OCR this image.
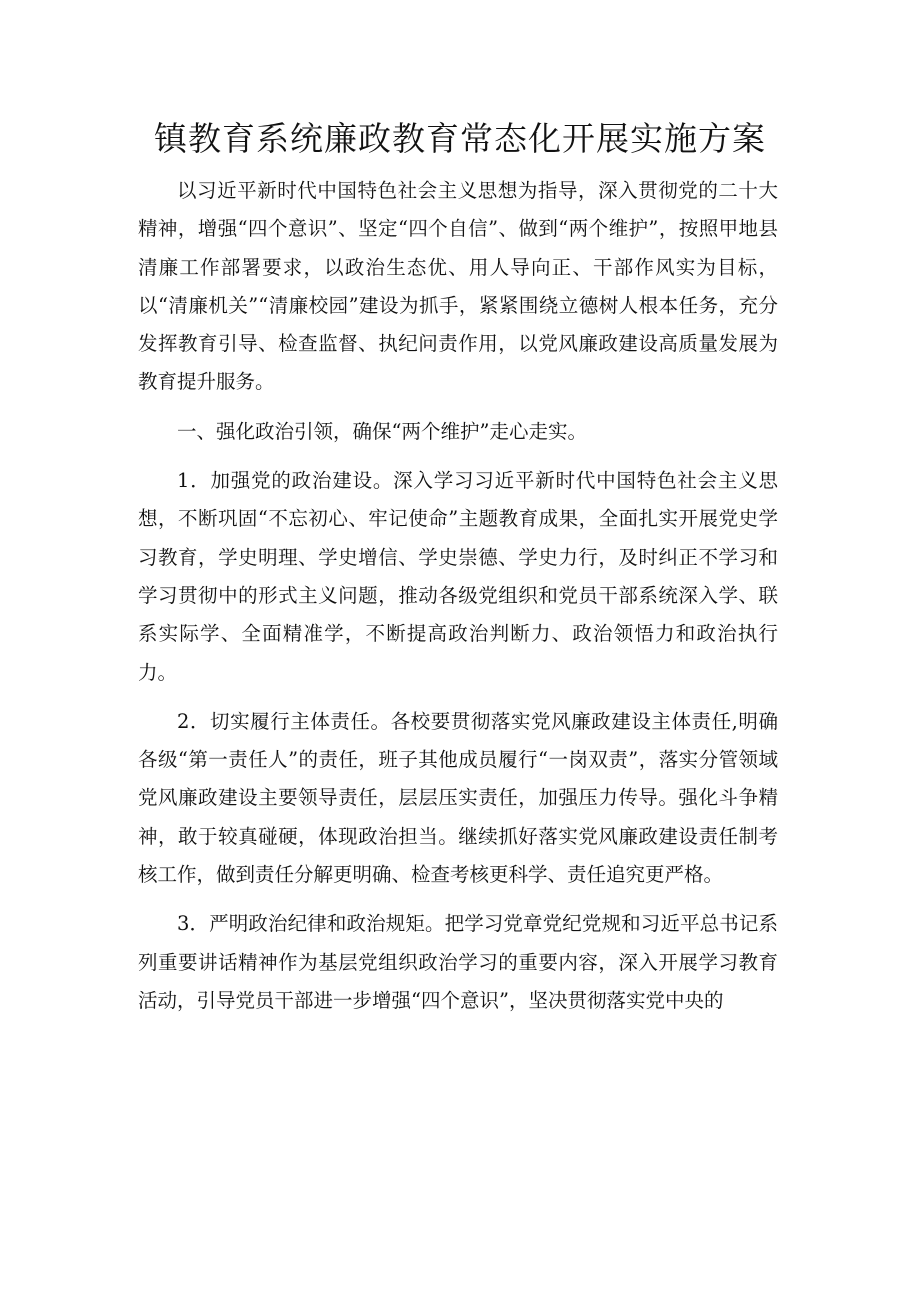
镇教育系统廉政教育常态化开展实施方案

以习近平新时代中国特色社会主义思想为指导，深入贯彻党的二十大精神，增强“四个意识”、坚定“四个自信”、做到“两个维护”，按照甲地县清廉工作部署要求，以政治生态优、用人导向正、干部作风实为目标，以“清廉机关”“清廉校园”建设为抓手，紧紧围绕立德树人根本任务，充分发挥教育引导、检查监督、执纪问责作用，以党风廉政建设高质量发展为教育提升服务。

一、强化政治引领，确保“两个维护”走心走实。

1．加强党的政治建设。深入学习习近平新时代中国特色社会主义思想，不断巩固“不忘初心、牢记使命”主题教育成果，全面扎实开展党史学习教育，学史明理、学史增信、学史崇德、学史力行，及时纠正不学习和学习贯彻中的形式主义问题，推动各级党组织和党员干部系统深入学、联系实际学、全面精准学，不断提高政治判断力、政治领悟力和政治执行力。

2．切实履行主体责任。各校要贯彻落实党风廉政建设主体责任,明确各级“第一责任人”的责任，班子其他成员履行“一岗双责”，落实分管领域党风廉政建设主要领导责任，层层压实责任，加强压力传导。强化斗争精神，敢于较真碰硬，体现政治担当。继续抓好落实党风廉政建设责任制考核工作，做到责任分解更明确、检查考核更科学、责任追究更严格。

3．严明政治纪律和政治规矩。把学习党章党纪党规和习近平总书记系列重要讲话精神作为基层党组织政治学习的重要内容，深入开展学习教育活动，引导党员干部进一步增强“四个意识”，坚决贯彻落实党中央的
